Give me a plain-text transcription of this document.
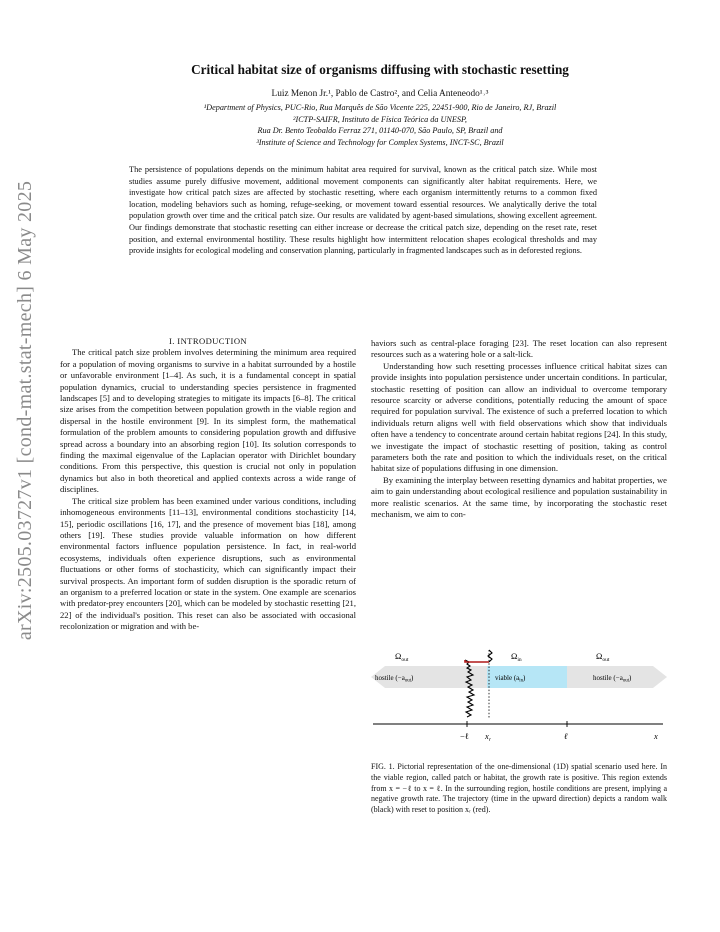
arXiv:2505.03727v1 [cond-mat.stat-mech] 6 May 2025
Critical habitat size of organisms diffusing with stochastic resetting
Luiz Menon Jr.¹, Pablo de Castro², and Celia Anteneodo¹˒³
¹Department of Physics, PUC-Rio, Rua Marquês de São Vicente 225, 22451-900, Rio de Janeiro, RJ, Brazil
²ICTP-SAIFR, Instituto de Física Teórica da UNESP,
Rua Dr. Bento Teobaldo Ferraz 271, 01140-070, São Paulo, SP, Brazil and
³Institute of Science and Technology for Complex Systems, INCT-SC, Brazil
The persistence of populations depends on the minimum habitat area required for survival, known as the critical patch size. While most studies assume purely diffusive movement, additional movement components can significantly alter habitat requirements. Here, we investigate how critical patch sizes are affected by stochastic resetting, where each organism intermittently returns to a common fixed location, modeling behaviors such as homing, refuge-seeking, or movement toward essential resources. We analytically derive the total population growth over time and the critical patch size. Our results are validated by agent-based simulations, showing excellent agreement. Our findings demonstrate that stochastic resetting can either increase or decrease the critical patch size, depending on the reset rate, reset position, and external environmental hostility. These results highlight how intermittent relocation shapes ecological thresholds and may provide insights for ecological modeling and conservation planning, particularly in fragmented landscapes such as in deforested regions.

I. INTRODUCTION

The critical patch size problem involves determining the minimum area required for a population of moving organisms to survive in a habitat surrounded by a hostile or unfavorable environment [1–4]. As such, it is a fundamental concept in spatial population dynamics, crucial to understanding species persistence in fragmented landscapes [5] and to developing strategies to mitigate its impacts [6–8]. The critical size arises from the competition between population growth in the viable region and dispersal in the hostile environment [9]. In its simplest form, the mathematical formulation of the problem amounts to considering population growth and diffusive spread across a boundary into an absorbing region [10]. Its solution corresponds to finding the maximal eigenvalue of the Laplacian operator with Dirichlet boundary conditions. From this perspective, this question is crucial not only in population dynamics but also in both theoretical and applied contexts across a wide range of disciplines.

The critical size problem has been examined under various conditions, including inhomogeneous environments [11–13], environmental conditions stochasticity [14, 15], periodic oscillations [16, 17], and the presence of movement bias [18], among others [19]. These studies provide valuable information on how different environmental factors influence population persistence. In fact, in real-world ecosystems, individuals often experience disruptions, such as environmental fluctuations or other forms of stochasticity, which can significantly impact their survival prospects. An important form of sudden disruption is the sporadic return of an organism to a preferred location or state in the system. One example are scenarios with predator-prey encounters [20], which can be modeled by stochastic resetting [21, 22] of the individual's position. This reset can also be associated with occasional recolonization or migration and with be-

haviors such as central-place foraging [23]. The reset location can also represent resources such as a watering hole or a salt-lick.

Understanding how such resetting processes influence critical habitat sizes can provide insights into population persistence under uncertain conditions. In particular, stochastic resetting of position can allow an individual to overcome temporary resource scarcity or adverse conditions, potentially reducing the amount of space required for population survival. The existence of such a preferred location to which individuals return aligns well with field observations which show that individuals often have a tendency to concentrate around certain habitat regions [24]. In this study, we investigate the impact of stochastic resetting of position, taking as control parameters both the rate and position to which the individuals reset, on the critical habitat size of populations diffusing in one dimension.

By examining the interplay between resetting dynamics and habitat properties, we aim to gain understanding about ecological resilience and population sustainability in more realistic scenarios. At the same time, by incorporating the stochastic reset mechanism, we aim to con-

$\Omega_{out}$	$\Omega_{in}$	$\Omega_{out}$
hostile $(-a_{out})$	viable $(a_{in})$	hostile $(-a_{out})$
−ℓ $x_r$	ℓ	x
FIG. 1. Pictorial representation of the one-dimensional (1D) spatial scenario used here. In the viable region, called patch or habitat, the growth rate is positive. This region extends from x = −ℓ to x = ℓ. In the surrounding region, hostile conditions are present, implying a negative growth rate. The trajectory (time in the upward direction) depicts a random walk (black) with reset to position xᵣ (red).
